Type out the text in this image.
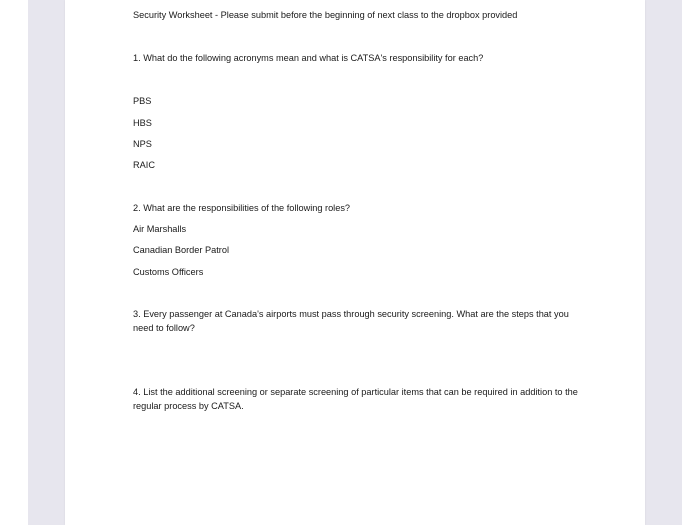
Security Worksheet - Please submit before the beginning of next class to the dropbox provided
1. What do the following acronyms mean and what is CATSA's responsibility for each?
PBS
HBS
NPS
RAIC
2. What are the responsibilities of the following roles?
Air Marshalls
Canadian Border Patrol
Customs Officers
3. Every passenger at Canada's airports must pass through security screening. What are the steps that you need to follow?
4. List the additional screening or separate screening of particular items that can be required in addition to the regular process by CATSA.
